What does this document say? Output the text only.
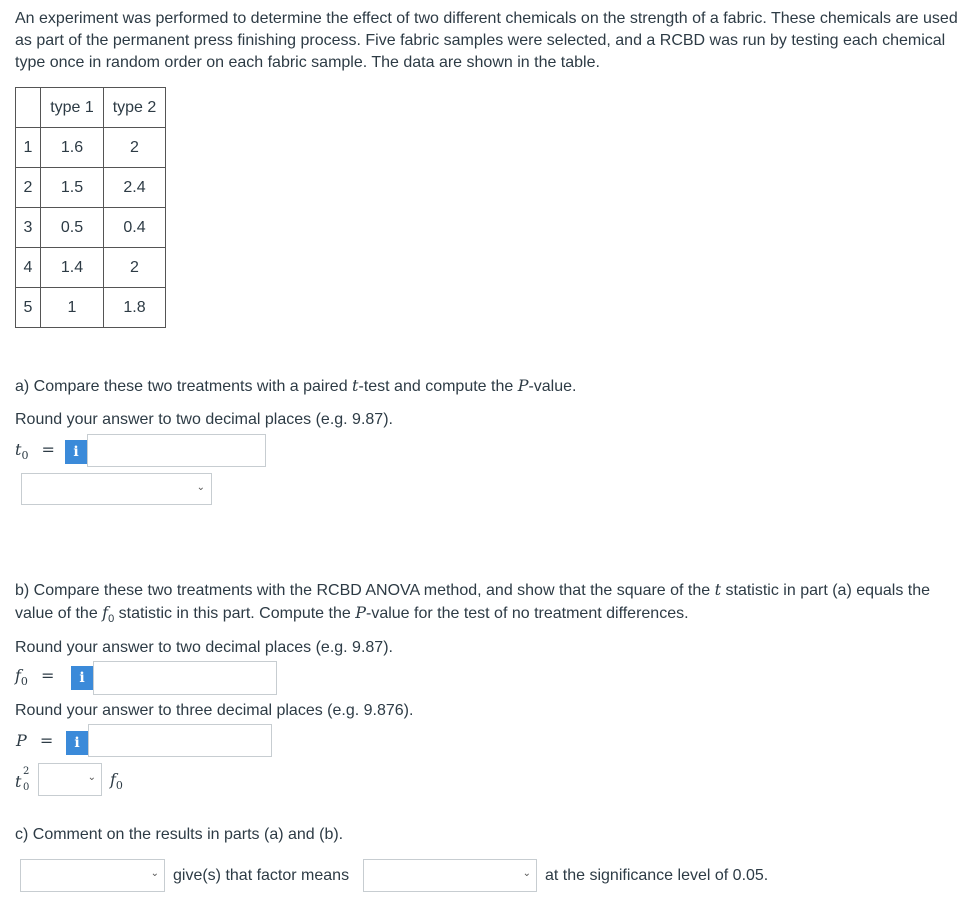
An experiment was performed to determine the effect of two different chemicals on the strength of a fabric. These chemicals are used as part of the permanent press finishing process. Five fabric samples were selected, and a RCBD was run by testing each chemical type once in random order on each fabric sample. The data are shown in the table.

	type 1	type 2
1	1.6	2
2	1.5	2.4
3	0.5	0.4
4	1.4	2
5	1	1.8

a) Compare these two treatments with a paired t-test and compute the P-value.

Round your answer to two decimal places (e.g. 9.87).

$t_0$ =	i
⌄

b) Compare these two treatments with the RCBD ANOVA method, and show that the square of the t statistic in part (a) equals the value of the $f_0$ statistic in this part. Compute the P-value for the test of no treatment differences.

Round your answer to two decimal places (e.g. 9.87).

$f_0$ =	i

Round your answer to three decimal places (e.g. 9.876).

P =	i
t
2
0
⌄ $f_0$

c) Comment on the results in parts (a) and (b).

⌄ give(s) that factor means	⌄ at the significance level of 0.05.
